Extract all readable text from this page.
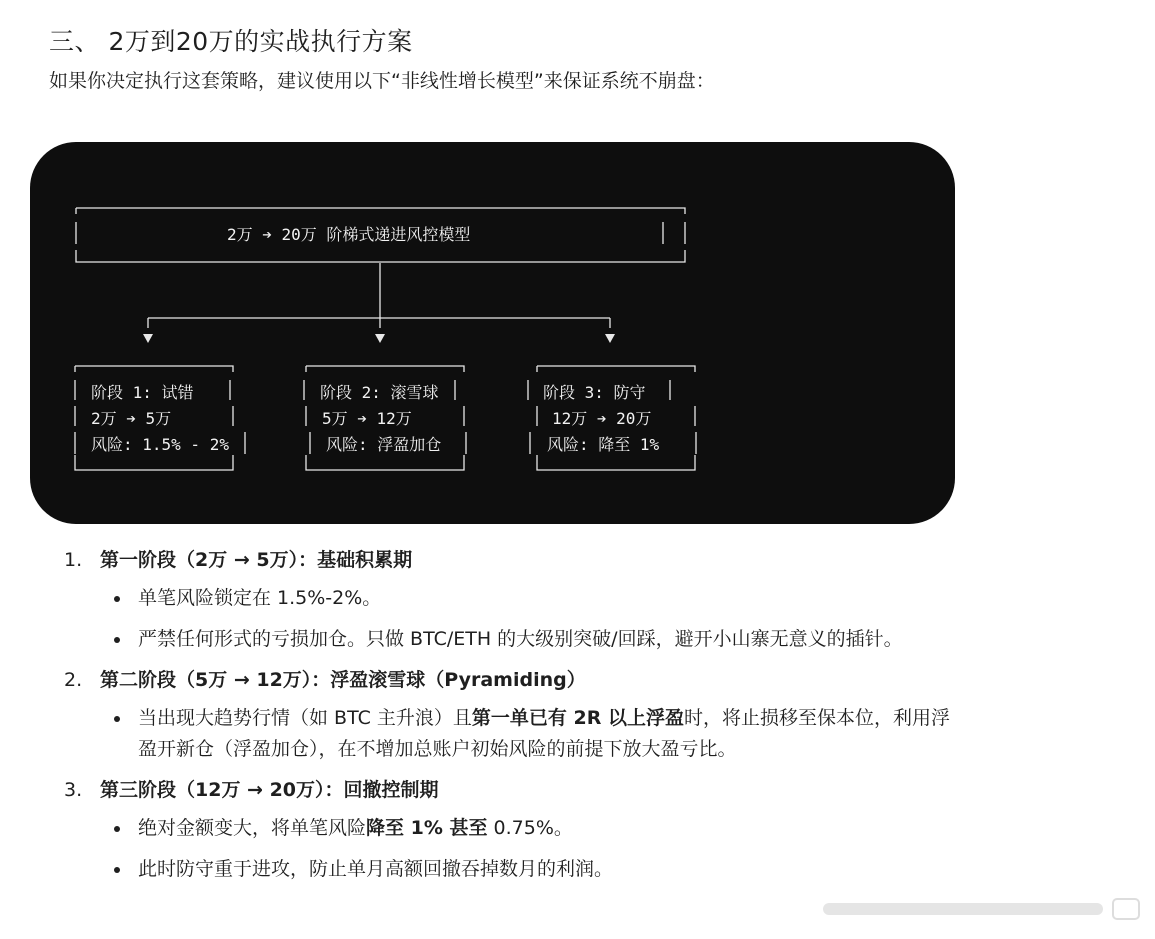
三、 2万到20万的实战执行方案

如果你决定执行这套策略，建议使用以下“非线性增长模型”来保证系统不崩盘：

2万 ➔ 20万 阶梯式递进风控模型
阶段 1: 试错
2万 ➔ 5万
风险: 1.5% - 2%
阶段 2: 滚雪球
5万 ➔ 12万
风险: 浮盈加仓
阶段 3: 防守
12万 ➔ 20万
风险: 降至 1%
1. 第一阶段（2万 → 5万）：基础积累期
单笔风险锁定在 1.5%-2%。
严禁任何形式的亏损加仓。只做 BTC/ETH 的大级别突破/回踩，避开小山寨无意义的插针。
2. 第二阶段（5万 → 12万）：浮盈滚雪球（Pyramiding）
当出现大趋势行情（如 BTC 主升浪）且第一单已有 2R 以上浮盈时，将止损移至保本位，利用浮盈开新仓（浮盈加仓），在不增加总账户初始风险的前提下放大盈亏比。
3. 第三阶段（12万 → 20万）：回撤控制期
绝对金额变大，将单笔风险降至 1% 甚至 0.75%。
此时防守重于进攻，防止单月高额回撤吞掉数月的利润。
